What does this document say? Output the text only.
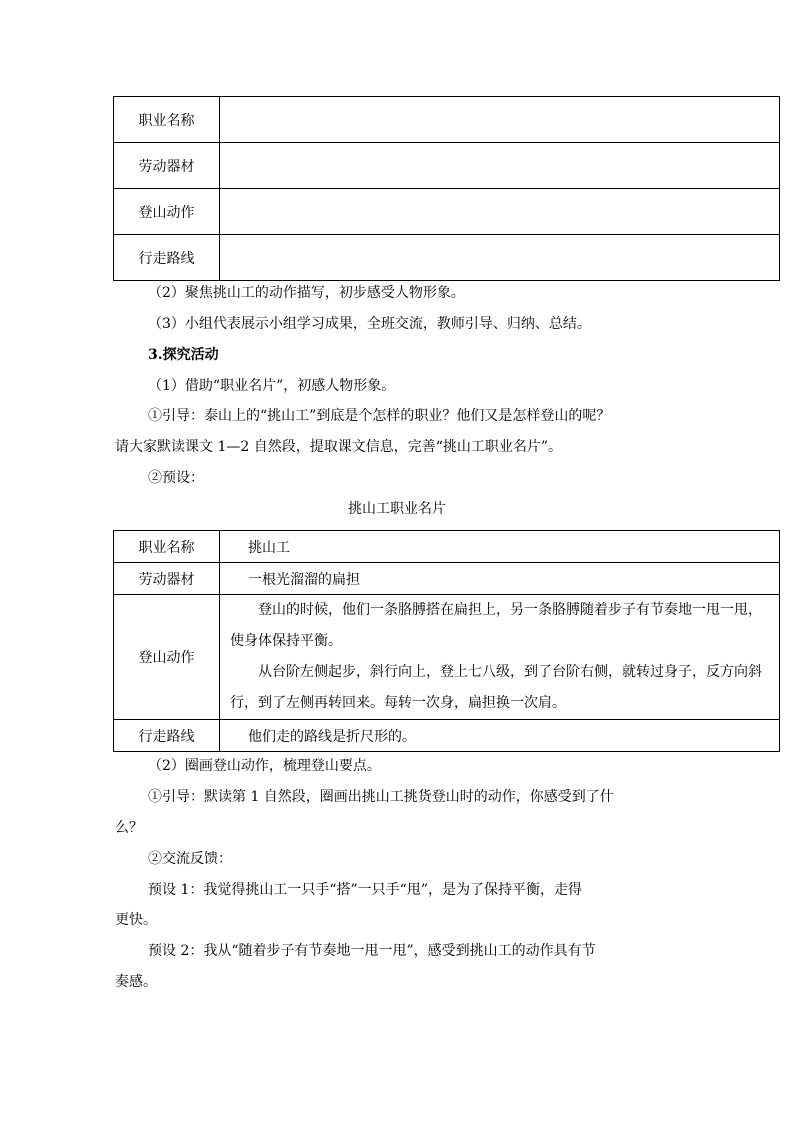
职业名称	
劳动器材	
登山动作	
行走路线	
（2）聚焦挑山工的动作描写，初步感受人物形象。
（3）小组代表展示小组学习成果，全班交流，教师引导、归纳、总结。
3.探究活动
（1）借助“职业名片”，初感人物形象。
①引导：泰山上的“挑山工”到底是个怎样的职业？他们又是怎样登山的呢？
请大家默读课文 1—2 自然段，提取课文信息，完善“挑山工职业名片”。
②预设：
挑山工职业名片
职业名称	挑山工
劳动器材	一根光溜溜的扁担
登山动作	登山的时候，他们一条胳膊搭在扁担上，另一条胳膊随着步子有节奏地一甩一甩，使身体保持平衡。

从台阶左侧起步，斜行向上，登上七八级，到了台阶右侧，就转过身子，反方向斜行，到了左侧再转回来。每转一次身，扁担换一次肩。

行走路线	他们走的路线是折尺形的。
（2）圈画登山动作，梳理登山要点。
①引导：默读第 1 自然段，圈画出挑山工挑货登山时的动作，你感受到了什
么？
②交流反馈：
预设 1：我觉得挑山工一只手“搭”一只手“甩”，是为了保持平衡，走得
更快。
预设 2：我从“随着步子有节奏地一甩一甩”，感受到挑山工的动作具有节
奏感。
